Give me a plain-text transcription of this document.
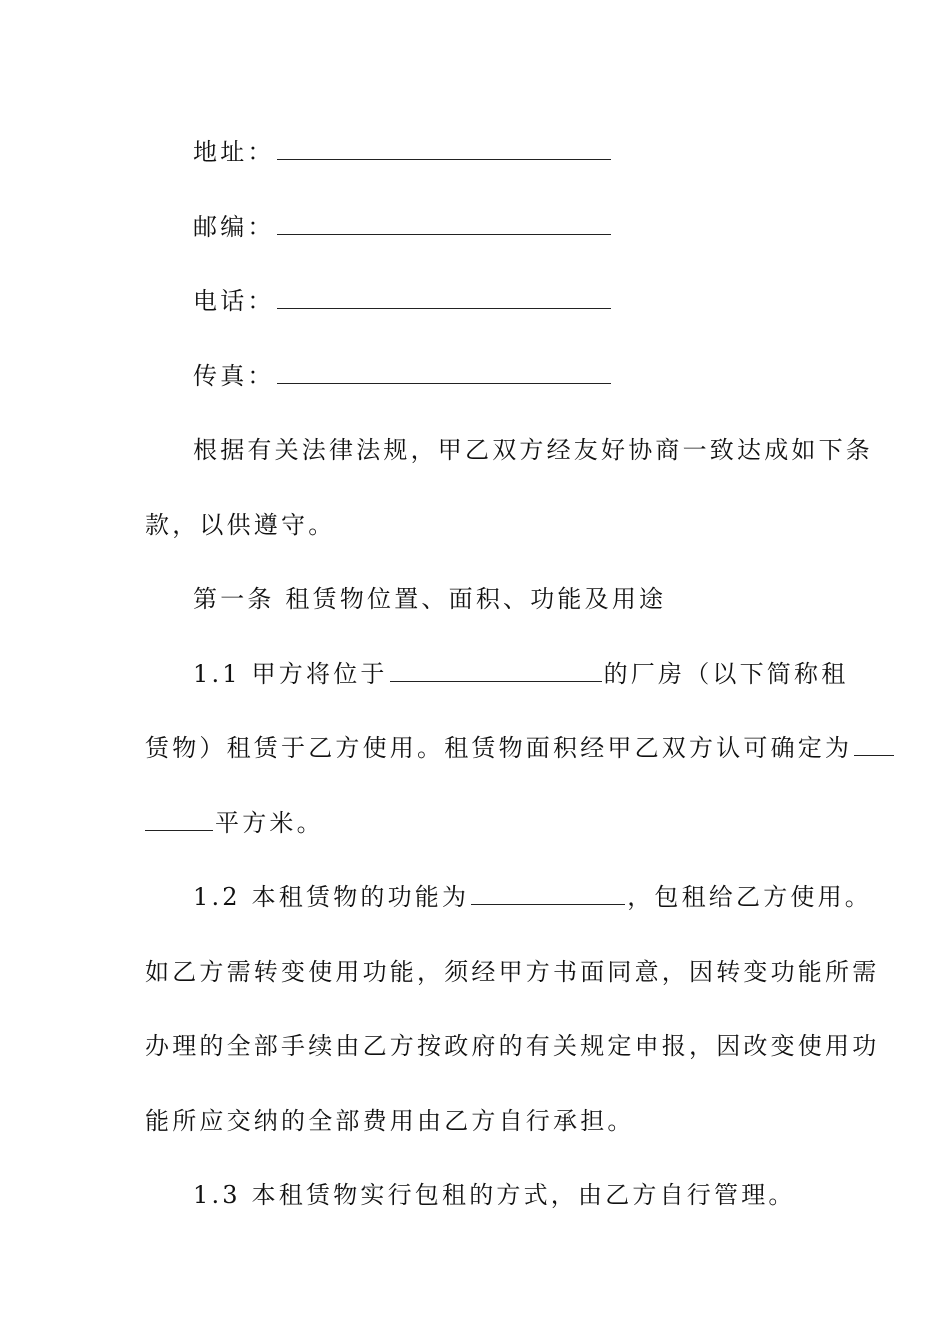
地址：
邮编：
电话：
传真：
根据有关法律法规，甲乙双方经友好协商一致达成如下条
款，以供遵守。
第一条 租赁物位置、面积、功能及用途
1.1 甲方将位于	的厂房（以下简称租
赁物）租赁于乙方使用。租赁物面积经甲乙双方认可确定为
平方米。
1.2 本租赁物的功能为	，包租给乙方使用。
如乙方需转变使用功能，须经甲方书面同意，因转变功能所需
办理的全部手续由乙方按政府的有关规定申报，因改变使用功
能所应交纳的全部费用由乙方自行承担。
1.3 本租赁物实行包租的方式，由乙方自行管理。
